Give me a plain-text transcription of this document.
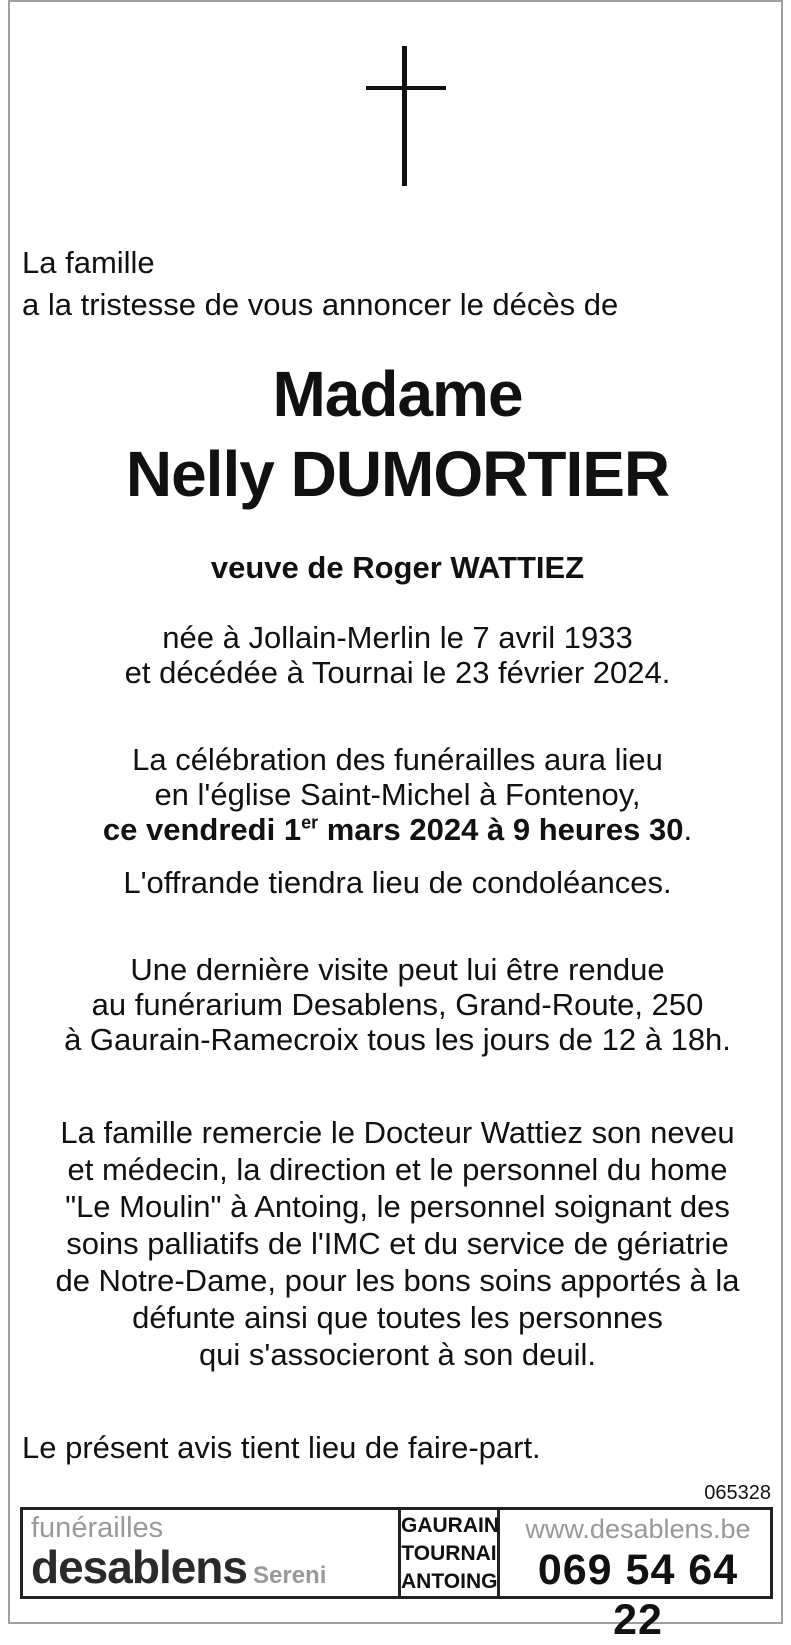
La famille
a la tristesse de vous annoncer le décès de
Madame
Nelly DUMORTIER
veuve de Roger WATTIEZ
née à Jollain-Merlin le 7 avril 1933
et décédée à Tournai le 23 février 2024.
La célébration des funérailles aura lieu
en l'église Saint-Michel à Fontenoy,
ce vendredi 1er mars 2024 à 9 heures 30.
L'offrande tiendra lieu de condoléances.
Une dernière visite peut lui être rendue
au funérarium Desablens, Grand-Route, 250
à Gaurain-Ramecroix tous les jours de 12 à 18h.
La famille remercie le Docteur Wattiez son neveu
et médecin, la direction et le personnel du home
"Le Moulin" à Antoing, le personnel soignant des
soins palliatifs de l'IMC et du service de gériatrie
de Notre-Dame, pour les bons soins apportés à la
défunte ainsi que toutes les personnes
qui s'associeront à son deuil.
Le présent avis tient lieu de faire-part.
065328
funérailles
desablens Sereni
GAURAIN
TOURNAI
ANTOING
www.desablens.be
069 54 64 22
